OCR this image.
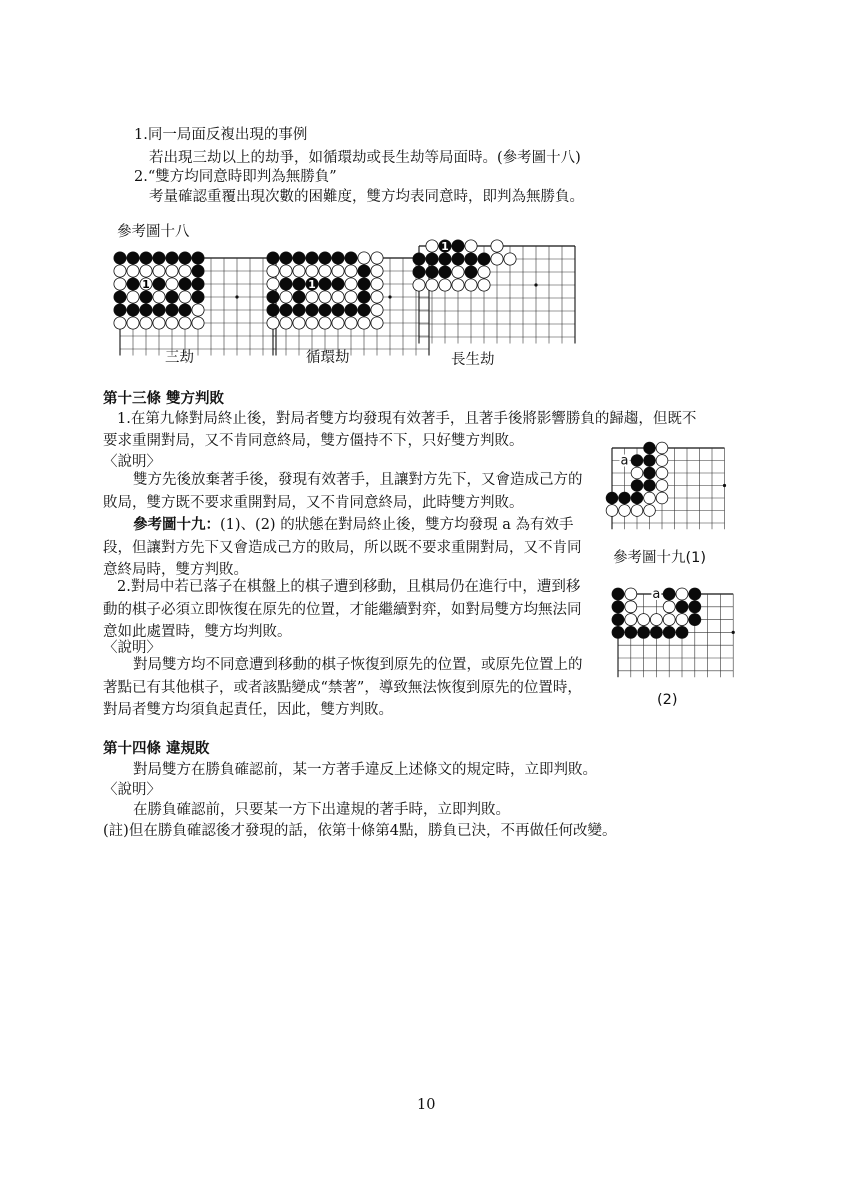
1.同一局面反複出現的事例
若出現三劫以上的劫爭，如循環劫或長生劫等局面時。(參考圖十八)
2.“雙方均同意時即判為無勝負”
考量確認重覆出現次數的困難度，雙方均表同意時，即判為無勝負。
參考圖十八
1	1
1
三劫	循環劫	長生劫
第十三條 雙方判敗
1.在第九條對局終止後，對局者雙方均發現有效著手，且著手後將影響勝負的歸趨，但既不
要求重開對局，又不肯同意終局，雙方僵持不下，只好雙方判敗。
〈說明〉
雙方先後放棄著手後，發現有效著手，且讓對方先下，又會造成己方的敗局，雙方既不要求重開對局，又不肯同意終局，此時雙方判敗。
參考圖十九：(1)、(2) 的狀態在對局終止後，雙方均發現 a 為有效手段，但讓對方先下又會造成己方的敗局，所以既不要求重開對局，又不肯同意終局時，雙方判敗。
2.對局中若已落子在棋盤上的棋子遭到移動，且棋局仍在進行中，遭到移動的棋子必須立即恢復在原先的位置，才能繼續對弈，如對局雙方均無法同意如此處置時，雙方均判敗。
〈說明〉
對局雙方均不同意遭到移動的棋子恢復到原先的位置，或原先位置上的著點已有其他棋子，或者該點變成“禁著”，導致無法恢復到原先的位置時，對局者雙方均須負起責任，因此，雙方判敗。
a
參考圖十九(1)
a
(2)
第十四條 違規敗
對局雙方在勝負確認前，某一方著手違反上述條文的規定時，立即判敗。
〈說明〉
在勝負確認前，只要某一方下出違規的著手時，立即判敗。
(註)但在勝負確認後才發現的話，依第十條第4點，勝負已決，不再做任何改變。
10
